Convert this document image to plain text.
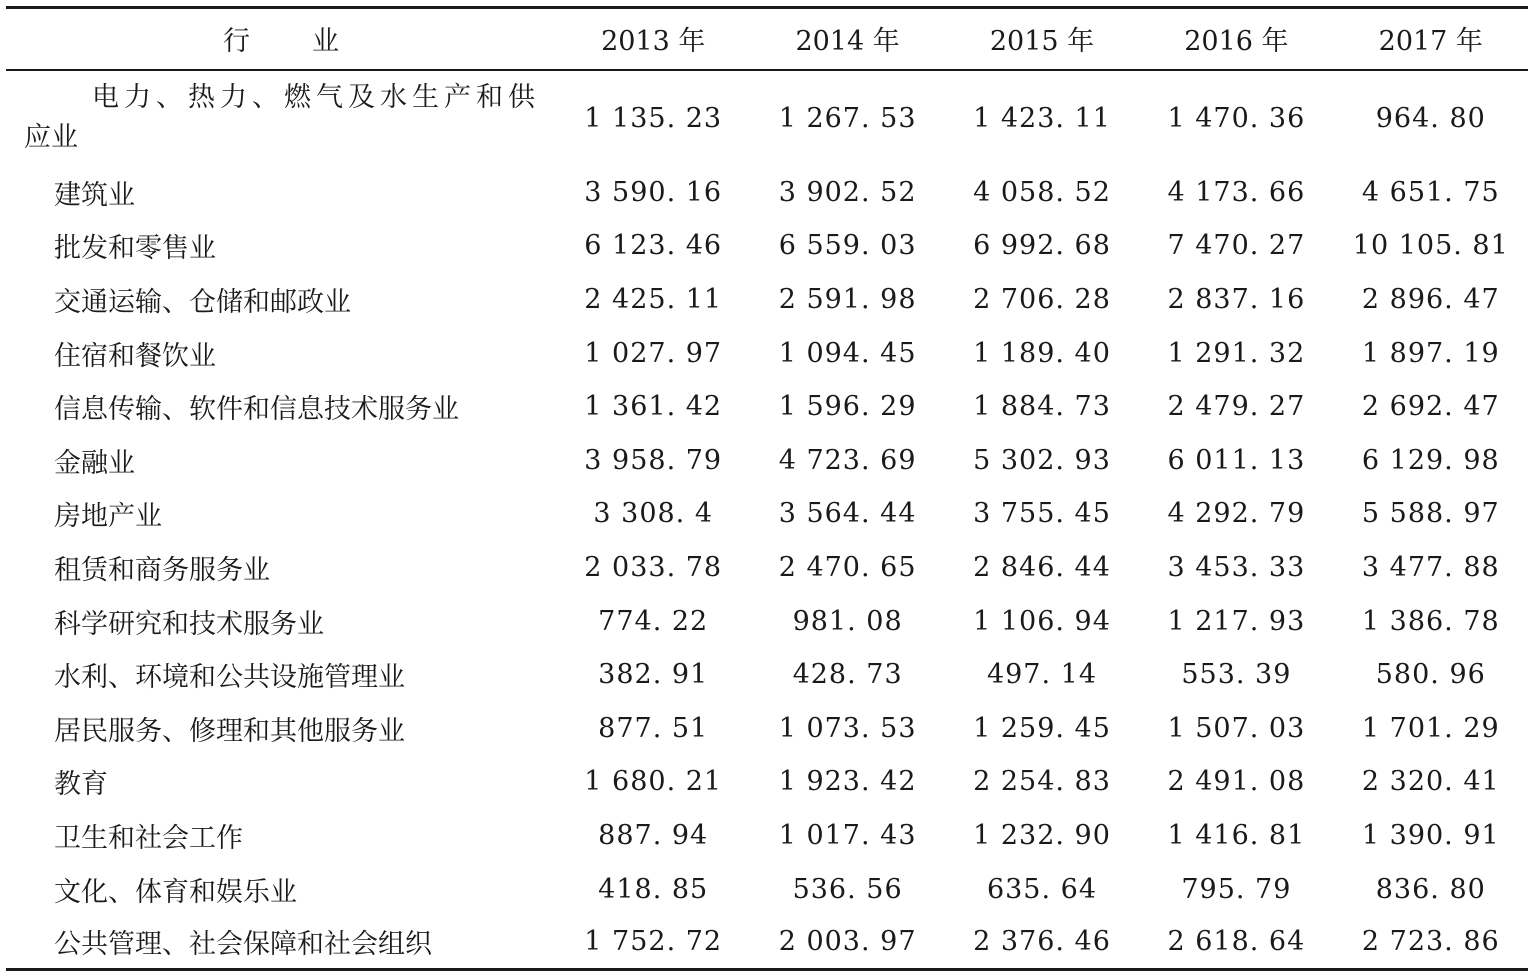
行 业	2013 年	2014 年	2015 年	2016 年	2017 年

电力、热力、燃气及水生产和供
应业	1 135. 23	1 267. 53	1 423. 11	1 470. 36	964. 80
建筑业	3 590. 16	3 902. 52	4 058. 52	4 173. 66	4 651. 75
批发和零售业	6 123. 46	6 559. 03	6 992. 68	7 470. 27	10 105. 81
交通运输、仓储和邮政业	2 425. 11	2 591. 98	2 706. 28	2 837. 16	2 896. 47
住宿和餐饮业	1 027. 97	1 094. 45	1 189. 40	1 291. 32	1 897. 19
信息传输、软件和信息技术服务业	1 361. 42	1 596. 29	1 884. 73	2 479. 27	2 692. 47
金融业	3 958. 79	4 723. 69	5 302. 93	6 011. 13	6 129. 98
房地产业	3 308. 4	3 564. 44	3 755. 45	4 292. 79	5 588. 97
租赁和商务服务业	2 033. 78	2 470. 65	2 846. 44	3 453. 33	3 477. 88
科学研究和技术服务业	774. 22	981. 08	1 106. 94	1 217. 93	1 386. 78
水利、环境和公共设施管理业	382. 91	428. 73	497. 14	553. 39	580. 96
居民服务、修理和其他服务业	877. 51	1 073. 53	1 259. 45	1 507. 03	1 701. 29
教育	1 680. 21	1 923. 42	2 254. 83	2 491. 08	2 320. 41
卫生和社会工作	887. 94	1 017. 43	1 232. 90	1 416. 81	1 390. 91
文化、体育和娱乐业	418. 85	536. 56	635. 64	795. 79	836. 80
公共管理、社会保障和社会组织	1 752. 72	2 003. 97	2 376. 46	2 618. 64	2 723. 86
